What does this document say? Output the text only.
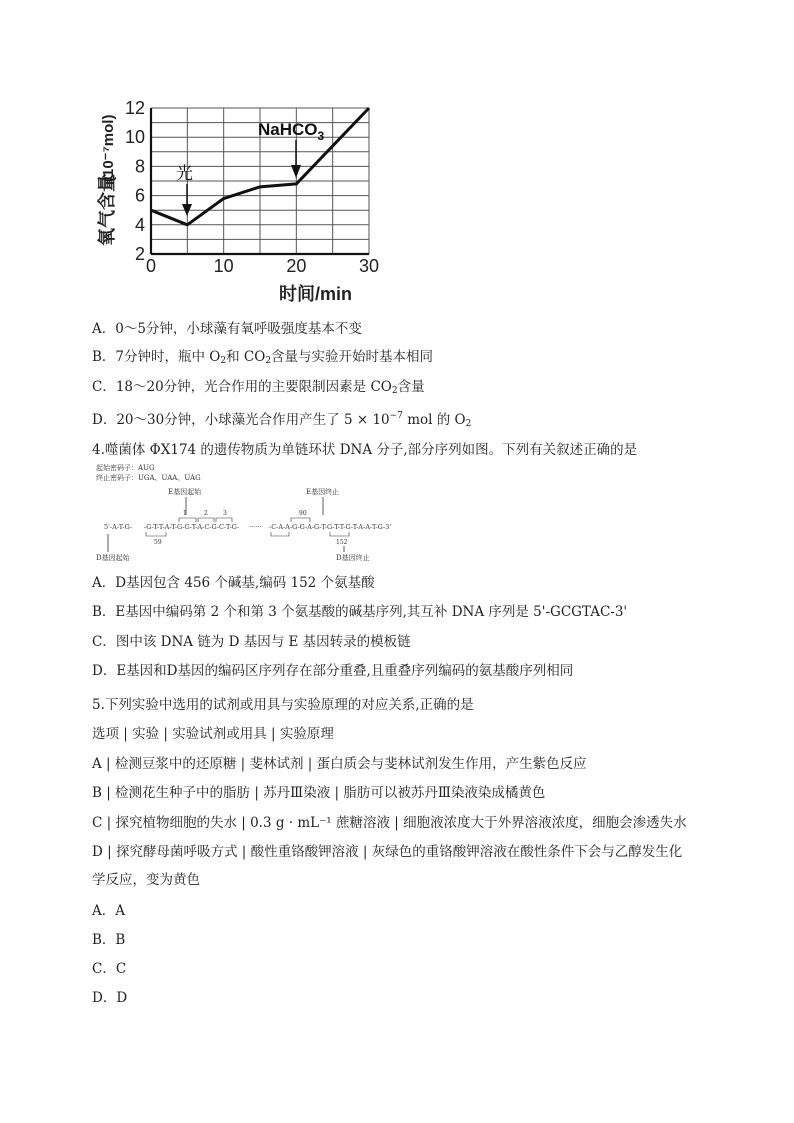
2
4
6
8
10
12
0	10	20	30
氧气含量
(10⁻⁷mol)
时间/min
光
NaHCO$_3$
A．0～5分钟，小球藻有氧呼吸强度基本不变
B．7分钟时，瓶中 $O_2$和 $CO_2$含量与实验开始时基本相同
C．18～20分钟，光合作用的主要限制因素是 $CO_2$含量
D．20～30分钟，小球藻光合作用产生了 $5 \times 10^{-7}$ mol 的 $O_2$
4.噬菌体 ΦX174 的遗传物质为单链环状 DNA 分子,部分序列如图。下列有关叙述正确的是
起始密码子：AUG
终止密码子：UGA、UAA、UAG
E基因起始	E基因终止
1	2	3	90
5'-A-T-G- -G-T-T-A-T-G-G-T-A-C-G-C-T-G- ······ -C-A-A-G-G-A-G-T-G-T-T-G-T-A-A-T-G-3'
59	152
D基因起始	D基因终止
A．D基因包含 456 个碱基,编码 152 个氨基酸
B．E基因中编码第 2 个和第 3 个氨基酸的碱基序列,其互补 DNA 序列是 5'-GCGTAC-3'
C．图中该 DNA 链为 D 基因与 E 基因转录的模板链
D．E基因和D基因的编码区序列存在部分重叠,且重叠序列编码的氨基酸序列相同
5.下列实验中选用的试剂或用具与实验原理的对应关系,正确的是
选项 | 实验 | 实验试剂或用具 | 实验原理
A | 检测豆浆中的还原糖 | 斐林试剂 | 蛋白质会与斐林试剂发生作用，产生紫色反应
B | 检测花生种子中的脂肪 | 苏丹Ⅲ染液 | 脂肪可以被苏丹Ⅲ染液染成橘黄色
C | 探究植物细胞的失水 | 0.3 g · mL⁻¹ 蔗糖溶液 | 细胞液浓度大于外界溶液浓度，细胞会渗透失水
D | 探究酵母菌呼吸方式 | 酸性重铬酸钾溶液 | 灰绿色的重铬酸钾溶液在酸性条件下会与乙醇发生化
学反应，变为黄色
A．A
B．B
C．C
D．D
